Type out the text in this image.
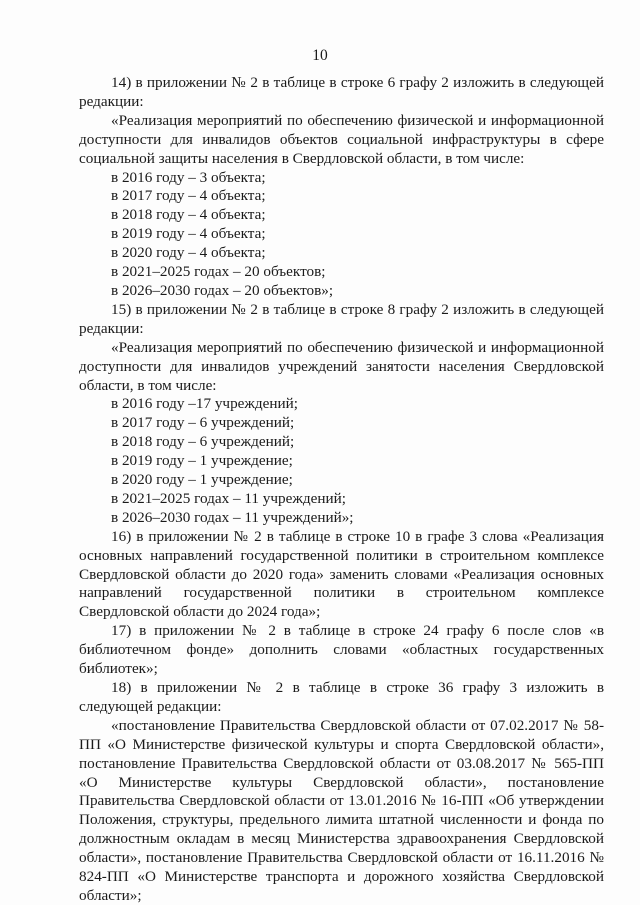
10

14) в приложении № 2 в таблице в строке 6 графу 2 изложить в следующей редакции:

«Реализация мероприятий по обеспечению физической и информационной доступности для инвалидов объектов социальной инфраструктуры в сфере социальной защиты населения в Свердловской области, в том числе:

в 2016 году – 3 объекта;

в 2017 году – 4 объекта;

в 2018 году – 4 объекта;

в 2019 году – 4 объекта;

в 2020 году – 4 объекта;

в 2021–2025 годах – 20 объектов;

в 2026–2030 годах – 20 объектов»;

15) в приложении № 2 в таблице в строке 8 графу 2 изложить в следующей редакции:

«Реализация мероприятий по обеспечению физической и информационной доступности для инвалидов учреждений занятости населения Свердловской области, в том числе:

в 2016 году –17 учреждений;

в 2017 году – 6 учреждений;

в 2018 году – 6 учреждений;

в 2019 году – 1 учреждение;

в 2020 году – 1 учреждение;

в 2021–2025 годах – 11 учреждений;

в 2026–2030 годах – 11 учреждений»;

16) в приложении № 2 в таблице в строке 10 в графе 3 слова «Реализация основных направлений государственной политики в строительном комплексе Свердловской области до 2020 года» заменить словами «Реализация основных направлений государственной политики в строительном комплексе Свердловской области до 2024 года»;

17) в приложении № 2 в таблице в строке 24 графу 6 после слов «в библиотечном фонде» дополнить словами «областных государственных библиотек»;

18) в приложении № 2 в таблице в строке 36 графу 3 изложить в следующей редакции:

«постановление Правительства Свердловской области от 07.02.2017 № 58-ПП «О Министерстве физической культуры и спорта Свердловской области», постановление Правительства Свердловской области от 03.08.2017 № 565-ПП «О Министерстве культуры Свердловской области», постановление Правительства Свердловской области от 13.01.2016 № 16-ПП «Об утверждении Положения, структуры, предельного лимита штатной численности и фонда по должностным окладам в месяц Министерства здравоохранения Свердловской области», постановление Правительства Свердловской области от 16.11.2016 № 824-ПП «О Министерстве транспорта и дорожного хозяйства Свердловской области»;
